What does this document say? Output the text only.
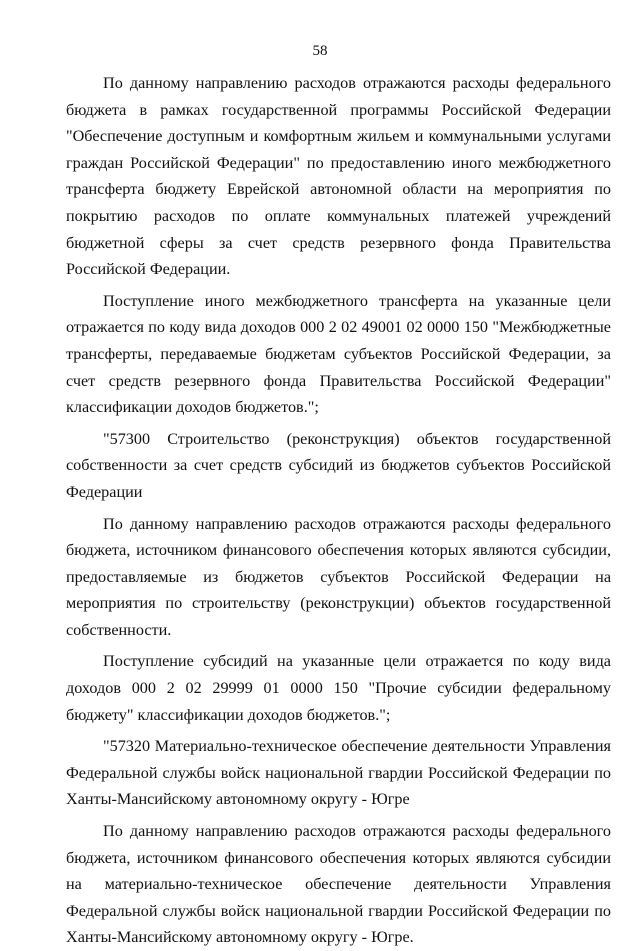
58

По данному направлению расходов отражаются расходы федерального бюджета в рамках государственной программы Российской Федерации "Обеспечение доступным и комфортным жильем и коммунальными услугами граждан Российской Федерации" по предоставлению иного межбюджетного трансферта бюджету Еврейской автономной области на мероприятия по покрытию расходов по оплате коммунальных платежей учреждений бюджетной сферы за счет средств резервного фонда Правительства Российской Федерации.

Поступление иного межбюджетного трансферта на указанные цели отражается по коду вида доходов 000 2 02 49001 02 0000 150 "Межбюджетные трансферты, передаваемые бюджетам субъектов Российской Федерации, за счет средств резервного фонда Правительства Российской Федерации" классификации доходов бюджетов.";

"57300 Строительство (реконструкция) объектов государственной собственности за счет средств субсидий из бюджетов субъектов Российской Федерации

По данному направлению расходов отражаются расходы федерального бюджета, источником финансового обеспечения которых являются субсидии, предоставляемые из бюджетов субъектов Российской Федерации на мероприятия по строительству (реконструкции) объектов государственной собственности.

Поступление субсидий на указанные цели отражается по коду вида доходов 000 2 02 29999 01 0000 150 "Прочие субсидии федеральному бюджету" классификации доходов бюджетов.";

"57320 Материально-техническое обеспечение деятельности Управления Федеральной службы войск национальной гвардии Российской Федерации по Ханты-Мансийскому автономному округу - Югре

По данному направлению расходов отражаются расходы федерального бюджета, источником финансового обеспечения которых являются субсидии на материально-техническое обеспечение деятельности Управления Федеральной службы войск национальной гвардии Российской Федерации по Ханты-Мансийскому автономному округу - Югре.
